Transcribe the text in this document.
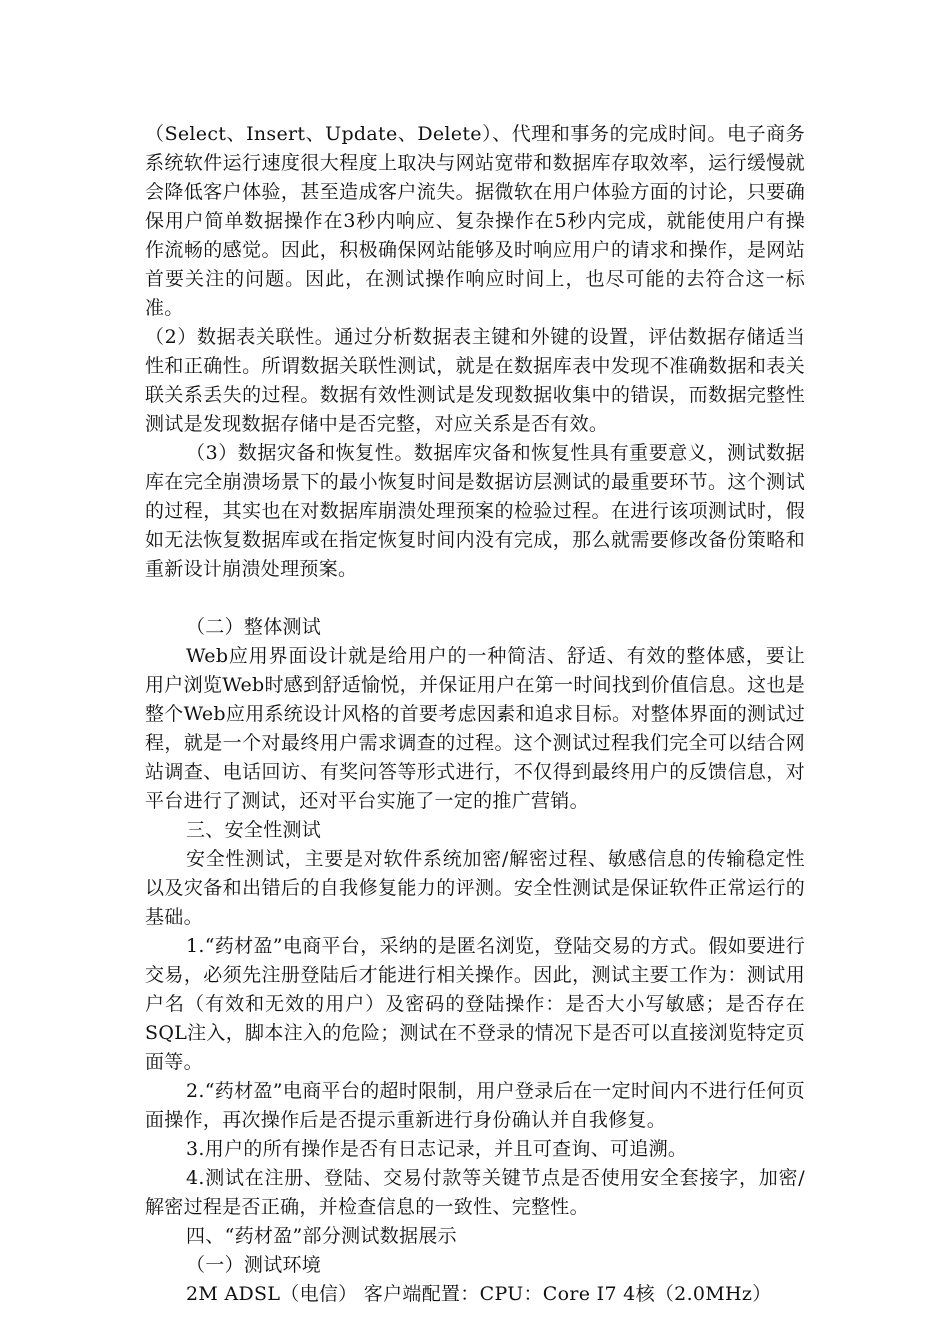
（Select、Insert、Update、Delete）、代理和事务的完成时间。电子商务系统软件运行速度很大程度上取决与网站宽带和数据库存取效率，运行缓慢就会降低客户体验，甚至造成客户流失。据微软在用户体验方面的讨论，只要确保用户简单数据操作在3秒内响应、复杂操作在5秒内完成，就能使用户有操作流畅的感觉。因此，积极确保网站能够及时响应用户的请求和操作，是网站首要关注的问题。因此，在测试操作响应时间上，也尽可能的去符合这一标准。

（2）数据表关联性。通过分析数据表主键和外键的设置，评估数据存储适当性和正确性。所谓数据关联性测试，就是在数据库表中发现不准确数据和表关联关系丢失的过程。数据有效性测试是发现数据收集中的错误，而数据完整性测试是发现数据存储中是否完整，对应关系是否有效。

（3）数据灾备和恢复性。数据库灾备和恢复性具有重要意义，测试数据库在完全崩溃场景下的最小恢复时间是数据访层测试的最重要环节。这个测试的过程，其实也在对数据库崩溃处理预案的检验过程。在进行该项测试时，假如无法恢复数据库或在指定恢复时间内没有完成，那么就需要修改备份策略和重新设计崩溃处理预案。

（二）整体测试

Web应用界面设计就是给用户的一种简洁、舒适、有效的整体感，要让用户浏览Web时感到舒适愉悦，并保证用户在第一时间找到价值信息。这也是整个Web应用系统设计风格的首要考虑因素和追求目标。对整体界面的测试过程，就是一个对最终用户需求调查的过程。这个测试过程我们完全可以结合网站调查、电话回访、有奖问答等形式进行，不仅得到最终用户的反馈信息，对平台进行了测试，还对平台实施了一定的推广营销。

三、安全性测试

安全性测试，主要是对软件系统加密/解密过程、敏感信息的传输稳定性以及灾备和出错后的自我修复能力的评测。安全性测试是保证软件正常运行的基础。

1.“药材盈”电商平台，采纳的是匿名浏览，登陆交易的方式。假如要进行交易，必须先注册登陆后才能进行相关操作。因此，测试主要工作为：测试用户名（有效和无效的用户）及密码的登陆操作：是否大小写敏感；是否存在SQL注入，脚本注入的危险；测试在不登录的情况下是否可以直接浏览特定页面等。

2.“药材盈”电商平台的超时限制，用户登录后在一定时间内不进行任何页面操作，再次操作后是否提示重新进行身份确认并自我修复。

3.用户的所有操作是否有日志记录，并且可查询、可追溯。

4.测试在注册、登陆、交易付款等关键节点是否使用安全套接字，加密/解密过程是否正确，并检查信息的一致性、完整性。

四、“药材盈”部分测试数据展示

（一）测试环境

2M ADSL（电信） 客户端配置：CPU：Core I7 4核（2.0MHz）
